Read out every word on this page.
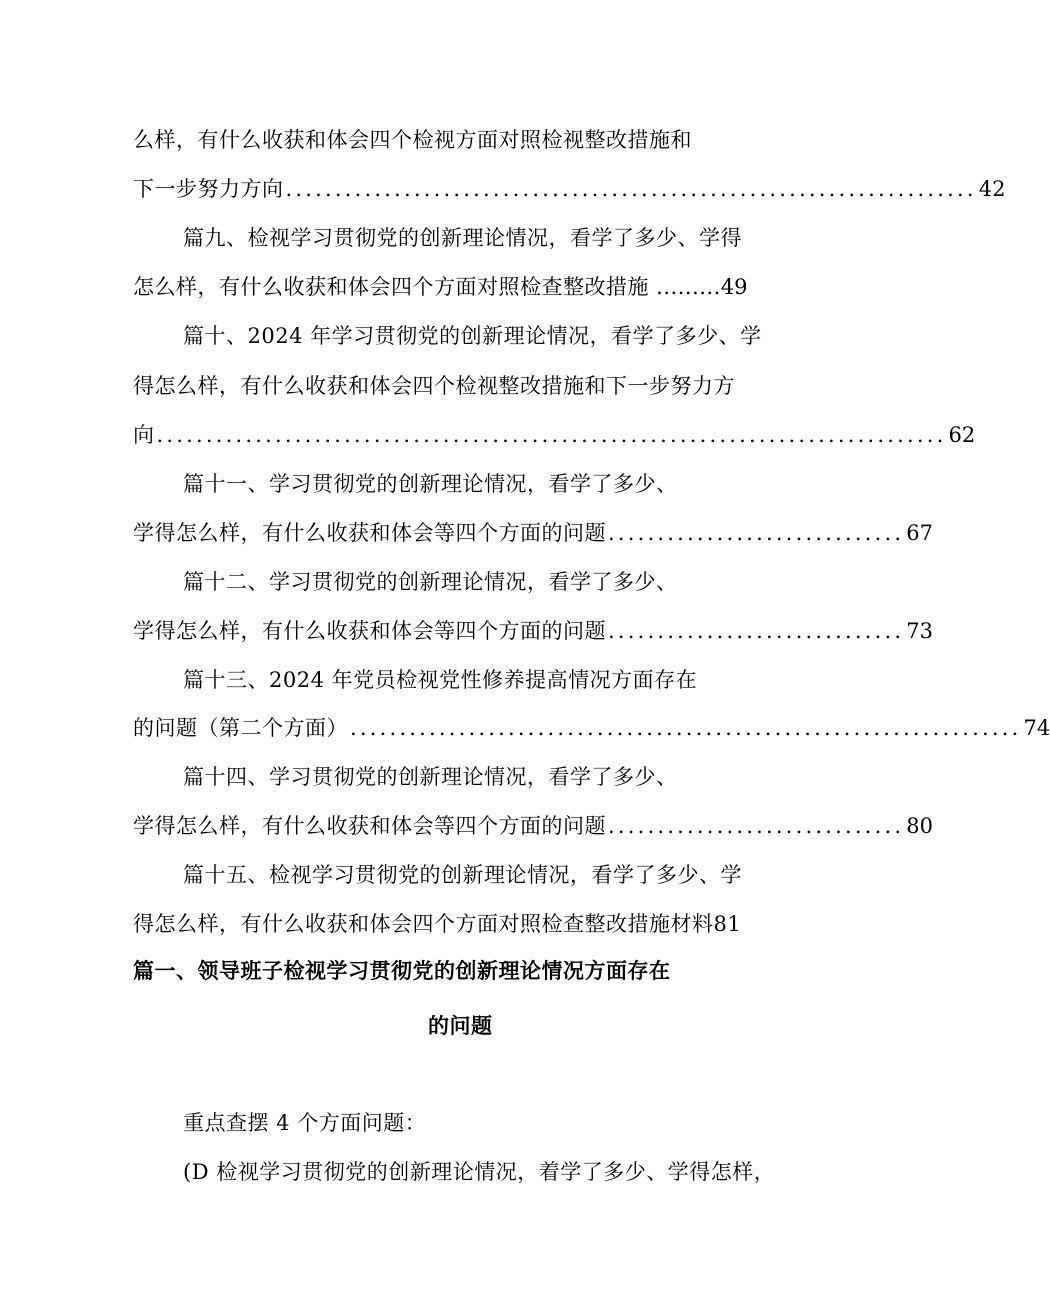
么样，有什么收获和体会四个检视方面对照检视整改措施和
下一步努力方向 ...................................................................... 42
篇九、检视学习贯彻党的创新理论情况，看学了多少、学得
怎么样，有什么收获和体会四个方面对照检查整改措施 ......... 49
篇十、2024 年学习贯彻党的创新理论情况，看学了多少、学
得怎么样，有什么收获和体会四个检视整改措施和下一步努力方
向 ................................................................................ 62
篇十一、学习贯彻党的创新理论情况，看学了多少、
学得怎么样，有什么收获和体会等四个方面的问题 .............................. 67
篇十二、学习贯彻党的创新理论情况，看学了多少、
学得怎么样，有什么收获和体会等四个方面的问题 .............................. 73
篇十三、2024 年党员检视党性修养提高情况方面存在
的问题（第二个方面） .................................................................... 74
篇十四、学习贯彻党的创新理论情况，看学了多少、
学得怎么样，有什么收获和体会等四个方面的问题 .............................. 80
篇十五、检视学习贯彻党的创新理论情况，看学了多少、学
得怎么样，有什么收获和体会四个方面对照检查整改措施材料81
篇一、领导班子检视学习贯彻党的创新理论情况方面存在
的问题
重点查摆 4 个方面问题：
(D 检视学习贯彻党的创新理论情况，着学了多少、学得怎样，
